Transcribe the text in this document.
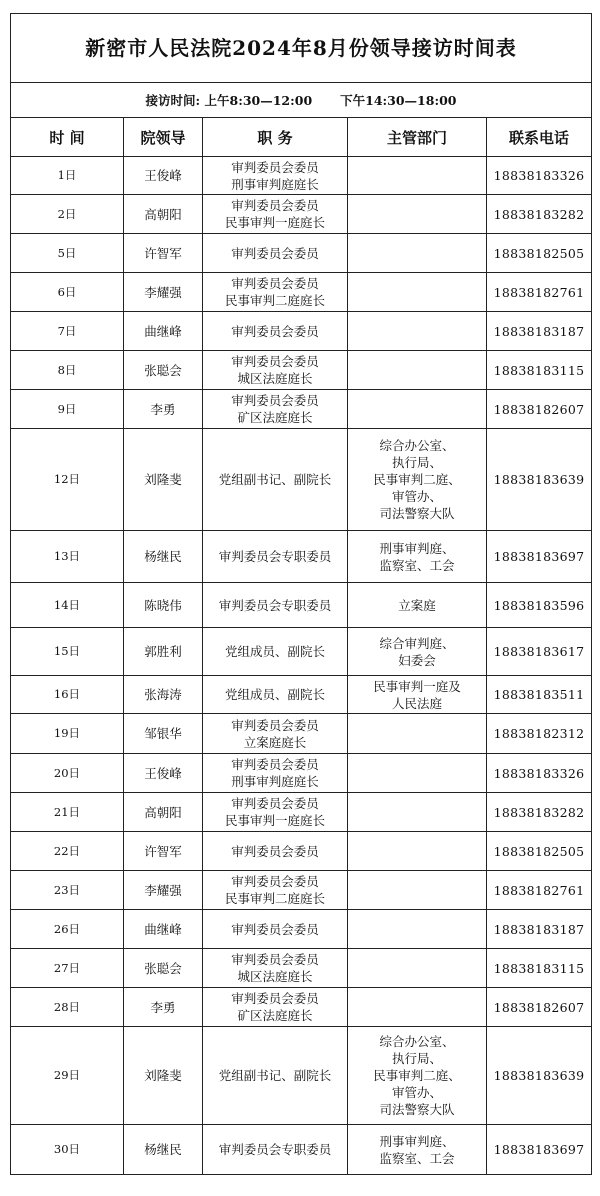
新密市人民法院2024年8月份领导接访时间表				
接访时间: 上午8:30—12:00 下午14:30—18:00				
时 间	院领导	职 务	主管部门	联系电话
1日	王俊峰	审判委员会委员
刑事审判庭庭长		18838183326
2日	高朝阳	审判委员会委员
民事审判一庭庭长		18838183282
5日	许智军	审判委员会委员		18838182505
6日	李耀强	审判委员会委员
民事审判二庭庭长		18838182761
7日	曲继峰	审判委员会委员		18838183187
8日	张聪会	审判委员会委员
城区法庭庭长		18838183115
9日	李勇	审判委员会委员
矿区法庭庭长		18838182607
12日	刘隆斐	党组副书记、副院长	综合办公室、
执行局、
民事审判二庭、
审管办、
司法警察大队	18838183639
13日	杨继民	审判委员会专职委员	刑事审判庭、
监察室、工会	18838183697
14日	陈晓伟	审判委员会专职委员	立案庭	18838183596
15日	郭胜利	党组成员、副院长	综合审判庭、
妇委会	18838183617
16日	张海涛	党组成员、副院长	民事审判一庭及
人民法庭	18838183511
19日	邹银华	审判委员会委员
立案庭庭长		18838182312
20日	王俊峰	审判委员会委员
刑事审判庭庭长		18838183326
21日	高朝阳	审判委员会委员
民事审判一庭庭长		18838183282
22日	许智军	审判委员会委员		18838182505
23日	李耀强	审判委员会委员
民事审判二庭庭长		18838182761
26日	曲继峰	审判委员会委员		18838183187
27日	张聪会	审判委员会委员
城区法庭庭长		18838183115
28日	李勇	审判委员会委员
矿区法庭庭长		18838182607
29日	刘隆斐	党组副书记、副院长	综合办公室、
执行局、
民事审判二庭、
审管办、
司法警察大队	18838183639
30日	杨继民	审判委员会专职委员	刑事审判庭、
监察室、工会	18838183697
